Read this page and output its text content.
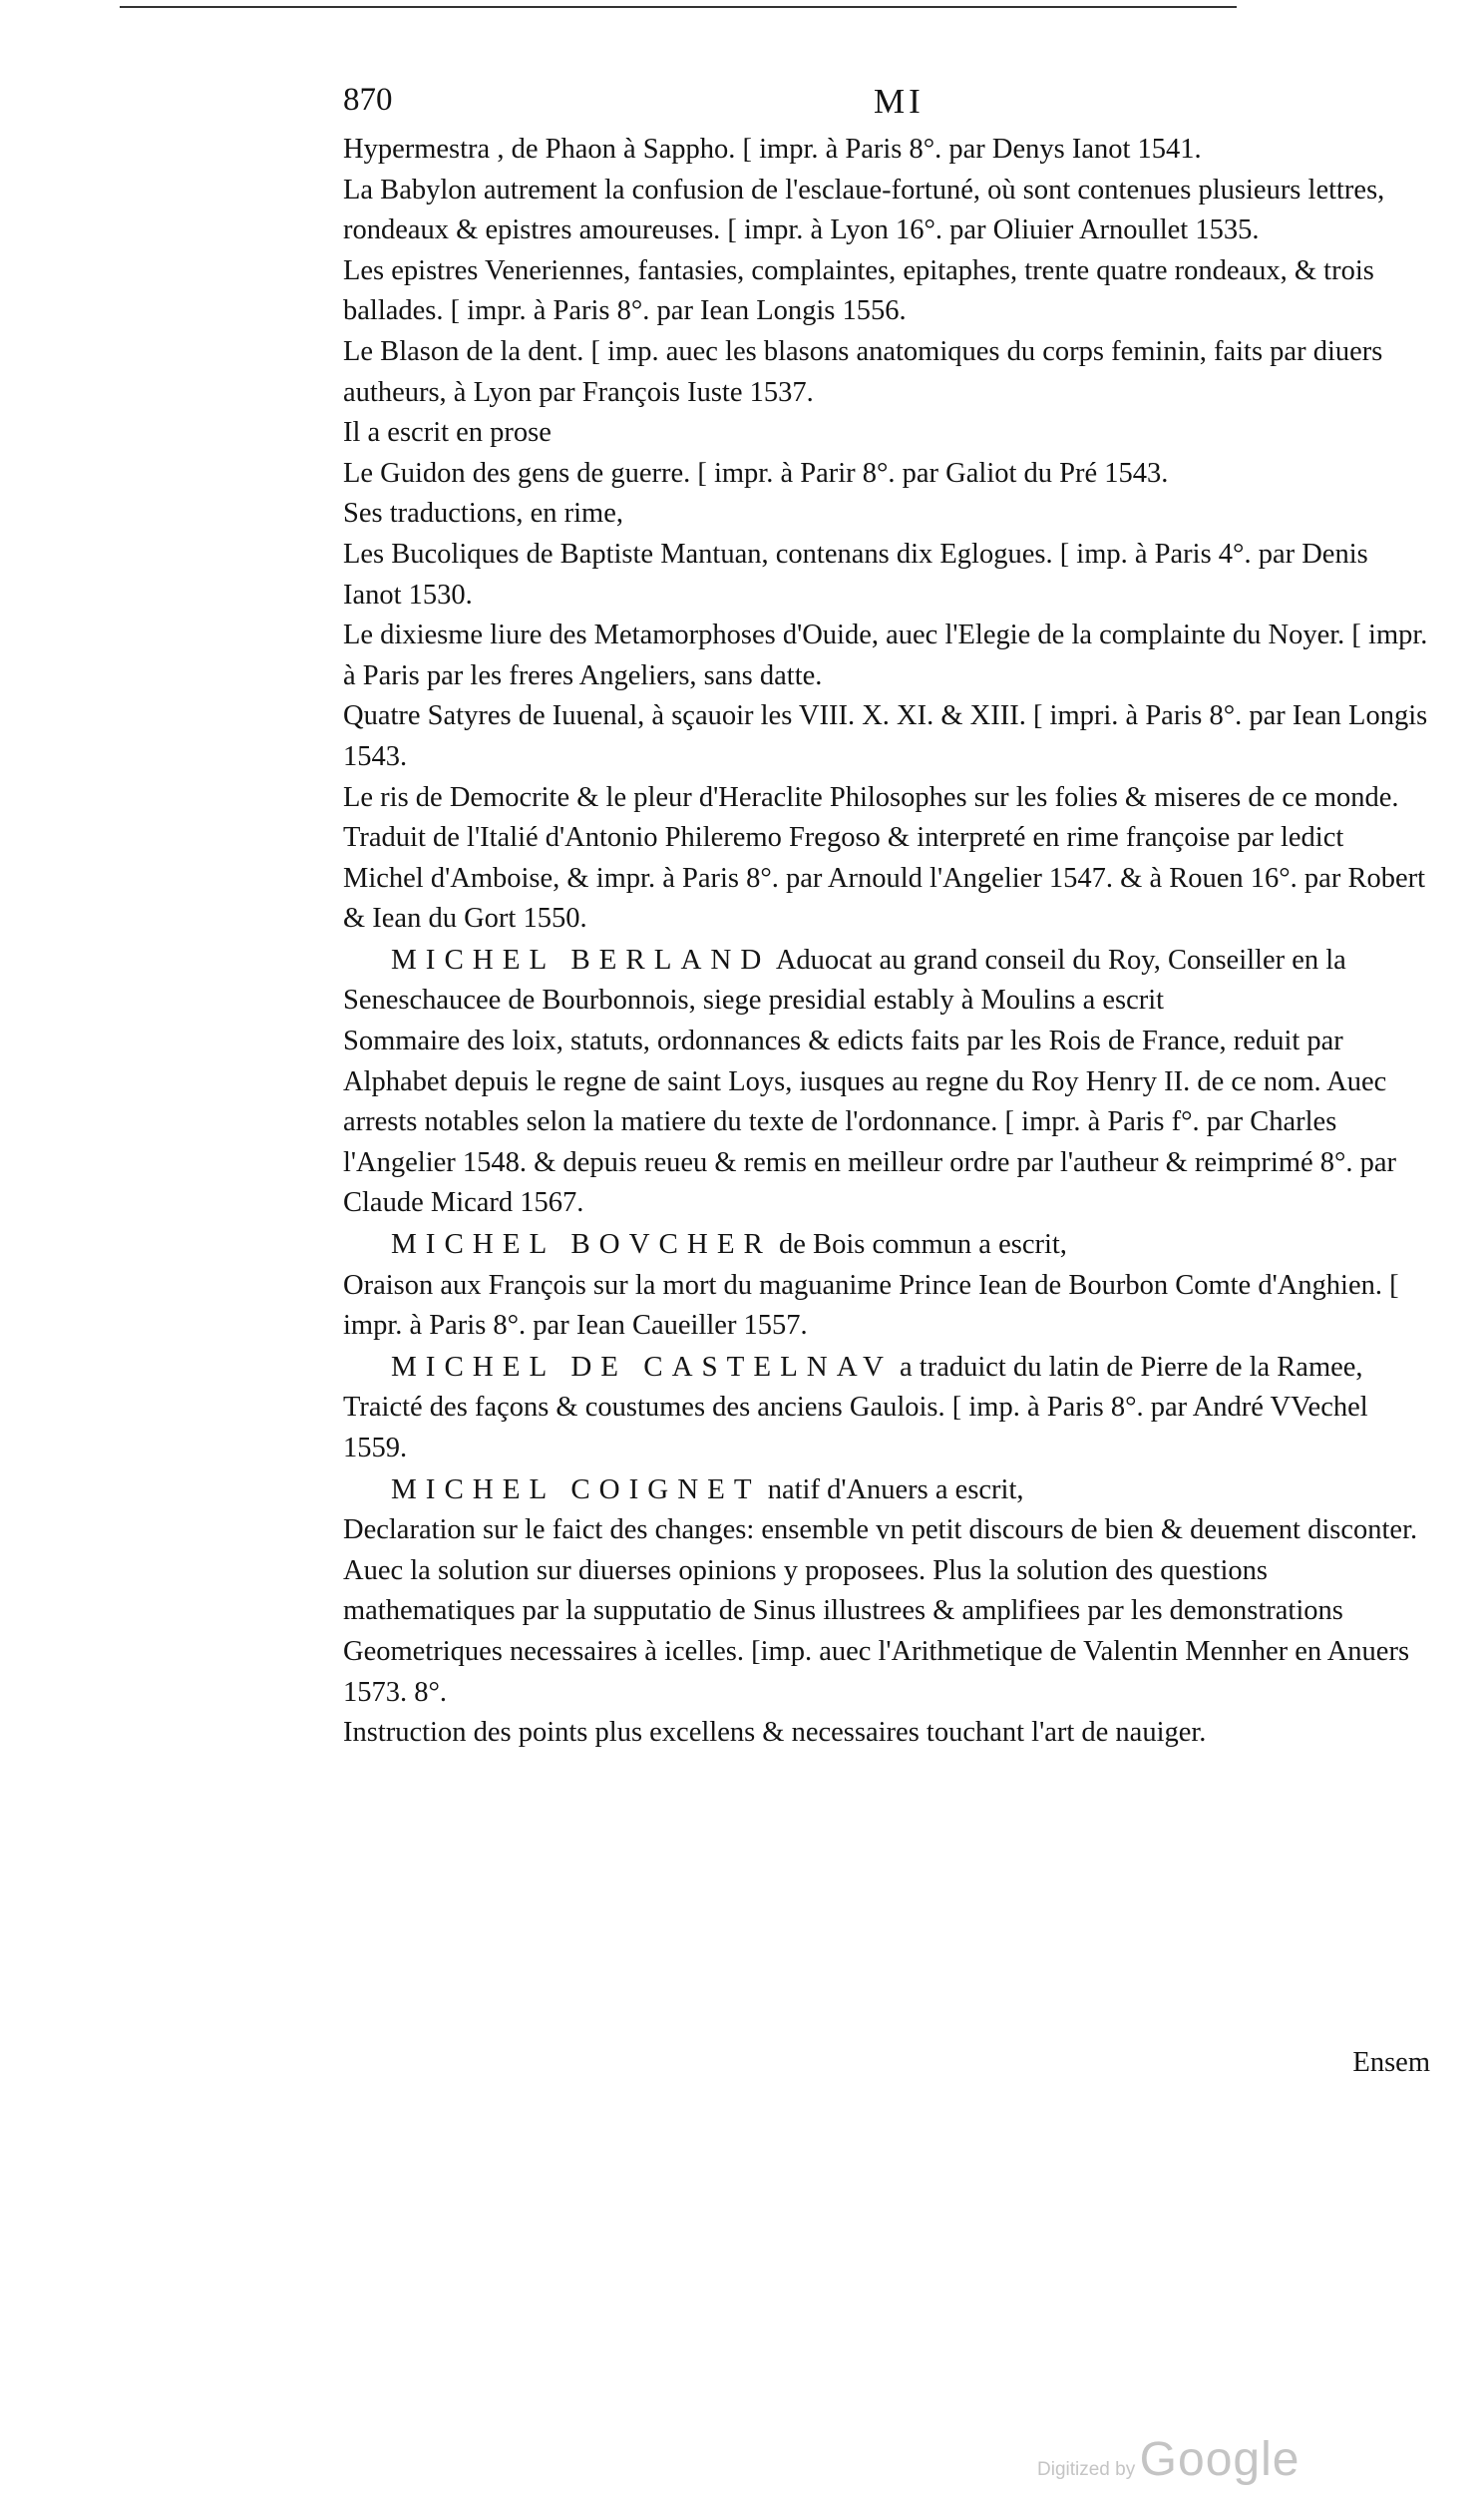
870	MI

Hypermestra , de Phaon à Sappho. [ impr. à Paris 8°. par Denys Ianot 1541.

La Babylon autrement la confusion de l'esclaue-fortuné, où sont contenues plusieurs lettres, rondeaux & epistres amoureuses. [ impr. à Lyon 16°. par Oliuier Arnoullet 1535.

Les epistres Veneriennes, fantasies, complaintes, epitaphes, trente quatre rondeaux, & trois ballades. [ impr. à Paris 8°. par Iean Longis 1556.

Le Blason de la dent. [ imp. auec les blasons anatomiques du corps feminin, faits par diuers autheurs, à Lyon par François Iuste 1537.

Il a escrit en prose

Le Guidon des gens de guerre. [ impr. à Parir 8°. par Galiot du Pré 1543.

Ses traductions, en rime,

Les Bucoliques de Baptiste Mantuan, contenans dix Eglogues. [ imp. à Paris 4°. par Denis Ianot 1530.

Le dixiesme liure des Metamorphoses d'Ouide, auec l'Elegie de la complainte du Noyer. [ impr. à Paris par les freres Angeliers, sans datte.

Quatre Satyres de Iuuenal, à sçauoir les VIII. X. XI. & XIII. [ impri. à Paris 8°. par Iean Longis 1543.

Le ris de Democrite & le pleur d'Heraclite Philosophes sur les folies & miseres de ce monde. Traduit de l'Italié d'Antonio Phileremo Fregoso & interpreté en rime françoise par ledict Michel d'Amboise, & impr. à Paris 8°. par Arnould l'Angelier 1547. & à Rouen 16°. par Robert & Iean du Gort 1550.

MICHEL BERLAND Aduocat au grand conseil du Roy, Conseiller en la Seneschaucee de Bourbonnois, siege presidial estably à Moulins a escrit

Sommaire des loix, statuts, ordonnances & edicts faits par les Rois de France, reduit par Alphabet depuis le regne de saint Loys, iusques au regne du Roy Henry II. de ce nom. Auec arrests notables selon la matiere du texte de l'ordonnance. [ impr. à Paris f°. par Charles l'Angelier 1548. & depuis reueu & remis en meilleur ordre par l'autheur & reimprimé 8°. par Claude Micard 1567.

MICHEL BOVCHER de Bois commun a escrit,

Oraison aux François sur la mort du maguanime Prince Iean de Bourbon Comte d'Anghien. [ impr. à Paris 8°. par Iean Caueiller 1557.

MICHEL DE CASTELNAV a traduict du latin de Pierre de la Ramee,

Traicté des façons & coustumes des anciens Gaulois. [ imp. à Paris 8°. par André VVechel 1559.

MICHEL COIGNET natif d'Anuers a escrit,

Declaration sur le faict des changes: ensemble vn petit discours de bien & deuement disconter. Auec la solution sur diuerses opinions y proposees. Plus la solution des questions mathematiques par la supputatio de Sinus illustrees & amplifiees par les demonstrations Geometriques necessaires à icelles. [imp. auec l'Arithmetique de Valentin Mennher en Anuers 1573. 8°.

Instruction des points plus excellens & necessaires touchant l'art de nauiger.

Ensem
Digitized by Google
